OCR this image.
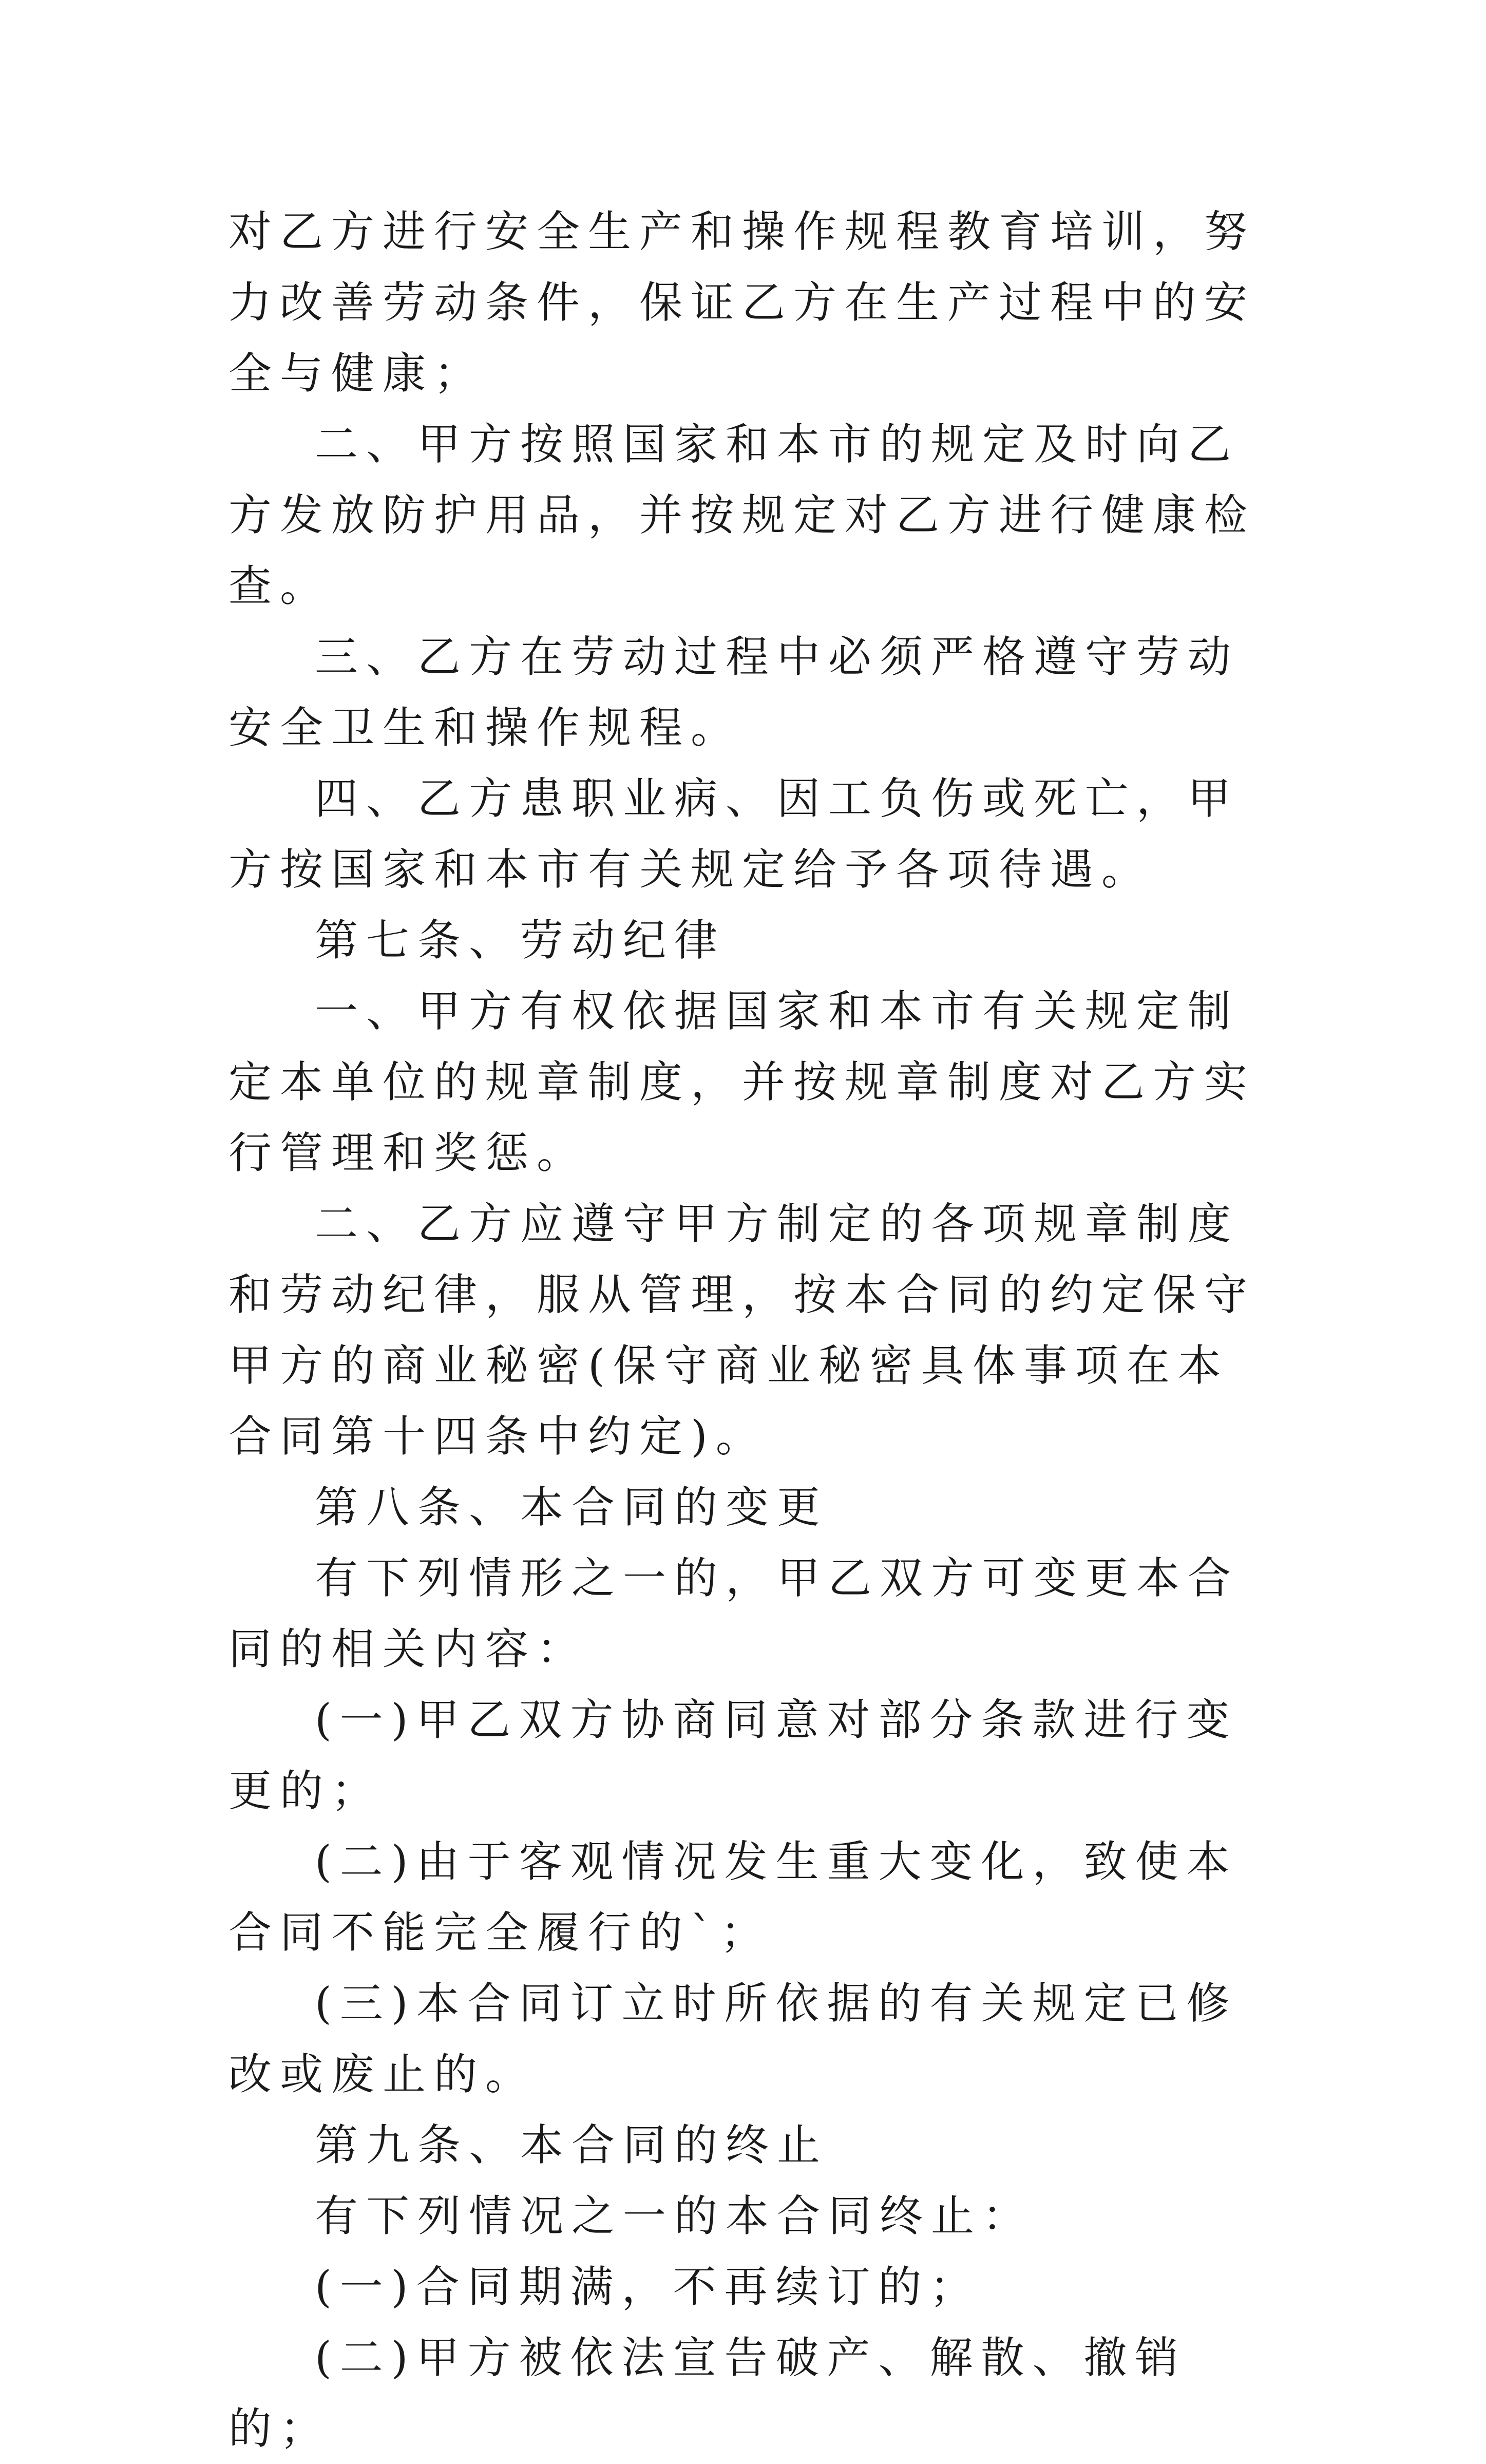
对乙方进行安全生产和操作规程教育培训，努力改善劳动条件，保证乙方在生产过程中的安全与健康；

二、甲方按照国家和本市的规定及时向乙方发放防护用品，并按规定对乙方进行健康检查。

三、乙方在劳动过程中必须严格遵守劳动安全卫生和操作规程。

四、乙方患职业病、因工负伤或死亡，甲方按国家和本市有关规定给予各项待遇。

第七条、劳动纪律

一、甲方有权依据国家和本市有关规定制定本单位的规章制度，并按规章制度对乙方实行管理和奖惩。

二、乙方应遵守甲方制定的各项规章制度和劳动纪律，服从管理，按本合同的约定保守甲方的商业秘密(保守商业秘密具体事项在本合同第十四条中约定)。

第八条、本合同的变更

有下列情形之一的，甲乙双方可变更本合同的相关内容：

(一)甲乙双方协商同意对部分条款进行变更的；

(二)由于客观情况发生重大变化，致使本合同不能完全履行的`；

(三)本合同订立时所依据的有关规定已修改或废止的。

第九条、本合同的终止

有下列情况之一的本合同终止：

(一)合同期满，不再续订的；

(二)甲方被依法宣告破产、解散、撤销的；
